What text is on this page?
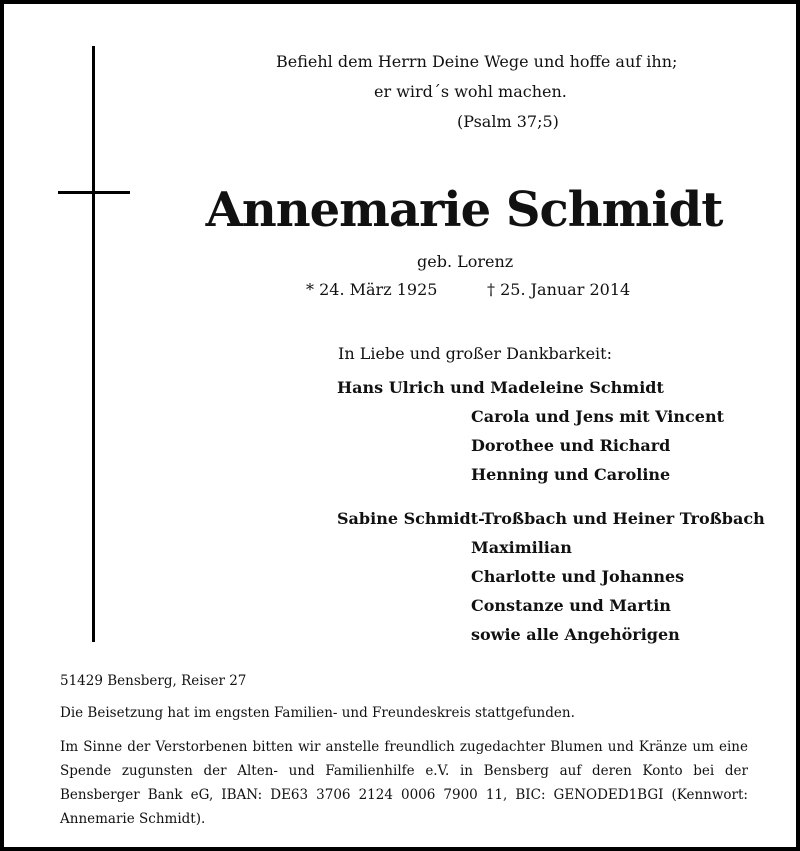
Befiehl dem Herrn Deine Wege und hoffe auf ihn;
er wird´s wohl machen.
(Psalm 37;5)
Annemarie Schmidt
geb. Lorenz
* 24. März 1925	† 25. Januar 2014
In Liebe und großer Dankbarkeit:
Hans Ulrich und Madeleine Schmidt
Carola und Jens mit Vincent
Dorothee und Richard
Henning und Caroline
Sabine Schmidt-Troßbach und Heiner Troßbach
Maximilian
Charlotte und Johannes
Constanze und Martin
sowie alle Angehörigen
51429 Bensberg, Reiser 27
Die Beisetzung hat im engsten Familien- und Freundeskreis stattgefunden.
Im Sinne der Verstorbenen bitten wir anstelle freundlich zugedachter Blumen und Kränze um eine Spende zugunsten der Alten- und Familienhilfe e.V. in Bensberg auf deren Konto bei der Bensberger Bank eG, IBAN: DE63 3706 2124 0006 7900 11, BIC: GENODED1BGI (Kennwort: Annemarie Schmidt).
